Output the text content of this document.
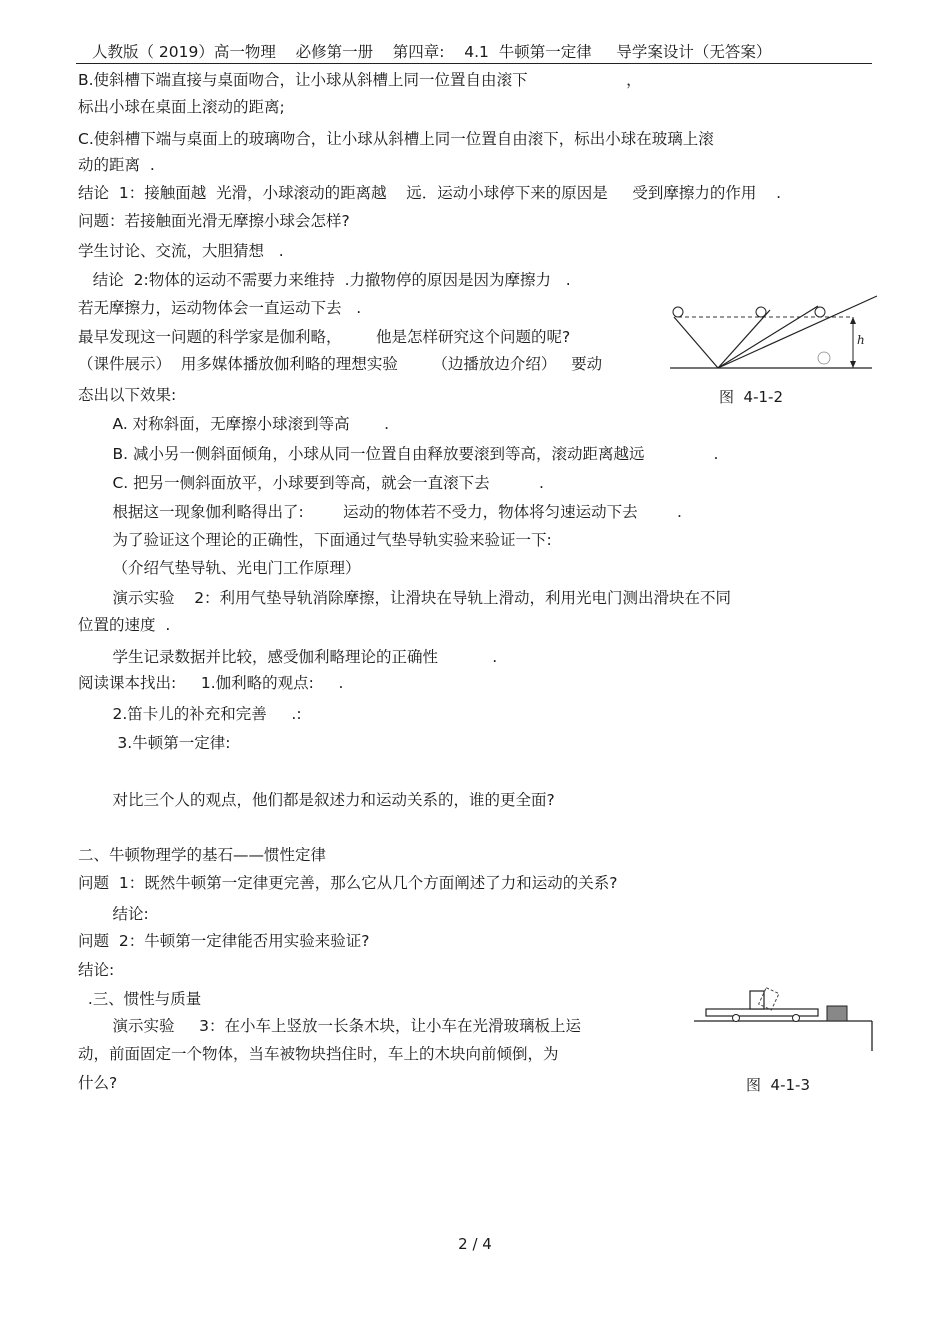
人教版（ 2019）高一物理    必修第一册    第四章:    4.1  牛顿第一定律     导学案设计（无答案）
B.使斜槽下端直接与桌面吻合，让小球从斜槽上同一位置自由滚下                    ，
标出小球在桌面上滚动的距离;
C.使斜槽下端与桌面上的玻璃吻合，让小球从斜槽上同一位置自由滚下，标出小球在玻璃上滚
动的距离  .
结论  1：接触面越  光滑，小球滚动的距离越    远．运动小球停下来的原因是     受到摩擦力的作用    .
问题：若接触面光滑无摩擦小球会怎样?
学生讨论、交流，大胆猜想   .
结论  2:物体的运动不需要力来维持  .力撤物停的原因是因为摩擦力   .
若无摩擦力，运动物体会一直运动下去   .
最早发现这一问题的科学家是伽利略，       他是怎样研究这个问题的呢?
（课件展示）  用多媒体播放伽利略的理想实验       （边播放边介绍）   要动
态出以下效果:
A. 对称斜面，无摩擦小球滚到等高       .
B. 减小另一侧斜面倾角，小球从同一位置自由释放要滚到等高，滚动距离越远              .
C. 把另一侧斜面放平，小球要到等高，就会一直滚下去          .
根据这一现象伽利略得出了:        运动的物体若不受力，物体将匀速运动下去        .
为了验证这个理论的正确性，下面通过气垫导轨实验来验证一下:
（介绍气垫导轨、光电门工作原理）
演示实验    2：利用气垫导轨消除摩擦，让滑块在导轨上滑动，利用光电门测出滑块在不同
位置的速度  .
学生记录数据并比较，感受伽利略理论的正确性           .
阅读课本找出:     1.伽利略的观点:     .
2.笛卡儿的补充和完善     .:
3.牛顿第一定律:
对比三个人的观点，他们都是叙述力和运动关系的，谁的更全面?
二、牛顿物理学的基石——惯性定律
问题  1：既然牛顿第一定律更完善，那么它从几个方面阐述了力和运动的关系?
结论:
问题  2：牛顿第一定律能否用实验来验证?
结论:
.三、惯性与质量
演示实验     3：在小车上竖放一长条木块，让小车在光滑玻璃板上运
动，前面固定一个物体，当车被物块挡住时，车上的木块向前倾倒，为
什么?
h
图  4-1-2
图  4-1-3
2 / 4
